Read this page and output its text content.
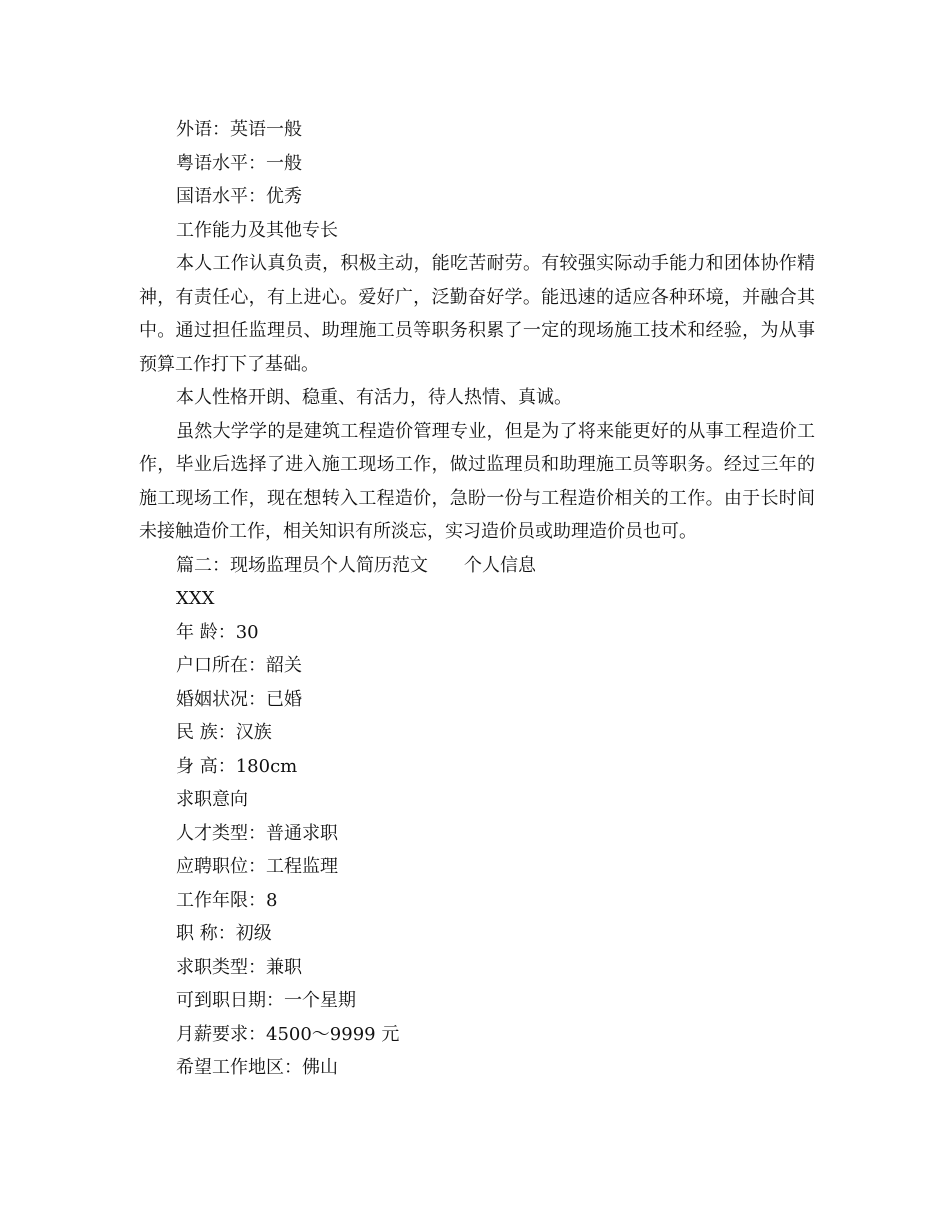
外语：英语一般

粤语水平：一般

国语水平：优秀

工作能力及其他专长

本人工作认真负责，积极主动，能吃苦耐劳。有较强实际动手能力和团体协作精神，有责任心，有上进心。爱好广，泛勤奋好学。能迅速的适应各种环境，并融合其中。通过担任监理员、助理施工员等职务积累了一定的现场施工技术和经验，为从事预算工作打下了基础。

本人性格开朗、稳重、有活力，待人热情、真诚。

虽然大学学的是建筑工程造价管理专业，但是为了将来能更好的从事工程造价工作，毕业后选择了进入施工现场工作，做过监理员和助理施工员等职务。经过三年的施工现场工作，现在想转入工程造价，急盼一份与工程造价相关的工作。由于长时间未接触造价工作，相关知识有所淡忘，实习造价员或助理造价员也可。

篇二：现场监理员个人简历范文 个人信息

XXX

年 龄：30

户口所在：韶关

婚姻状况：已婚

民 族：汉族

身 高：180cm

求职意向

人才类型：普通求职

应聘职位：工程监理

工作年限：8

职 称：初级

求职类型：兼职

可到职日期：一个星期

月薪要求：4500～9999 元

希望工作地区：佛山
